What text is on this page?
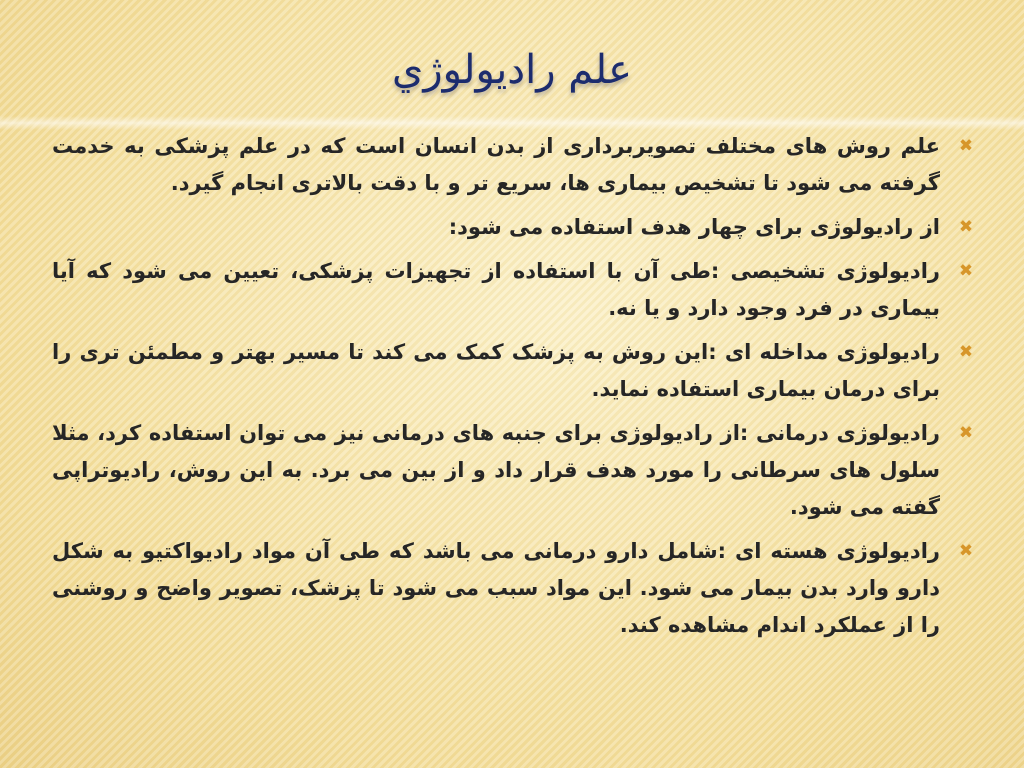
علم رادیولوژي
✖
علم روش های مختلف تصویربرداری از بدن انسان است که در علم پزشکی به خدمت گرفته می شود تا تشخیص بیماری ها، سریع تر و با دقت بالاتری انجام گیرد.
✖
از رادیولوژی برای چهار هدف استفاده می شود:
✖
رادیولوژی تشخیصی :طی آن با استفاده از تجهیزات پزشکی، تعیین می شود که آیا بیماری در فرد وجود دارد و یا نه.
✖
رادیولوژی مداخله ای :این روش به پزشک کمک می کند تا مسیر بهتر و مطمئن تری را برای درمان بیماری استفاده نماید.
✖
رادیولوژی درمانی :از رادیولوژی برای جنبه های درمانی نیز می توان استفاده کرد، مثلا سلول های سرطانی را مورد هدف قرار داد و از بین می برد. به این روش، رادیوتراپی گفته می شود.
✖
رادیولوژی هسته ای :شامل دارو درمانی می باشد که طی آن مواد رادیواکتیو به شکل دارو وارد بدن بیمار می شود. این مواد سبب می شود تا پزشک، تصویر واضح و روشنی را از عملکرد اندام مشاهده کند.
